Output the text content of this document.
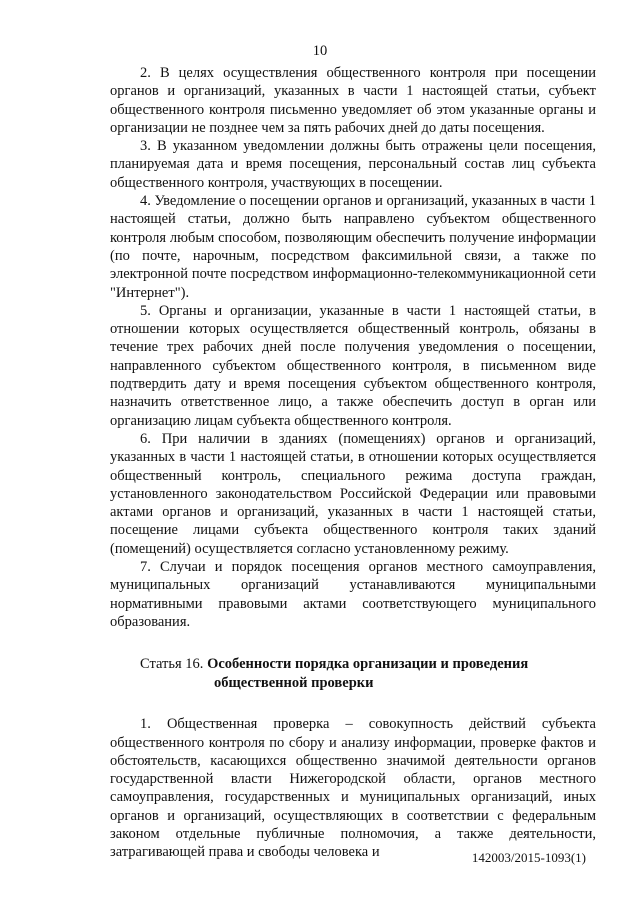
10

2. В целях осуществления общественного контроля при посещении органов и организаций, указанных в части 1 настоящей статьи, субъект общественного контроля письменно уведомляет об этом указанные органы и организации не позднее чем за пять рабочих дней до даты посещения.

3. В указанном уведомлении должны быть отражены цели посещения, планируемая дата и время посещения, персональный состав лиц субъекта общественного контроля, участвующих в посещении.

4. Уведомление о посещении органов и организаций, указанных в части 1 настоящей статьи, должно быть направлено субъектом общественного контроля любым способом, позволяющим обеспечить получение информации (по почте, нарочным, посредством факсимильной связи, а также по электронной почте посредством информационно-телекоммуникационной сети "Интернет").

5. Органы и организации, указанные в части 1 настоящей статьи, в отношении которых осуществляется общественный контроль, обязаны в течение трех рабочих дней после получения уведомления о посещении, направленного субъектом общественного контроля, в письменном виде подтвердить дату и время посещения субъектом общественного контроля, назначить ответственное лицо, а также обеспечить доступ в орган или организацию лицам субъекта общественного контроля.

6. При наличии в зданиях (помещениях) органов и организаций, указанных в части 1 настоящей статьи, в отношении которых осуществляется общественный контроль, специального режима доступа граждан, установленного законодательством Российской Федерации или правовыми актами органов и организаций, указанных в части 1 настоящей статьи, посещение лицами субъекта общественного контроля таких зданий (помещений) осуществляется согласно установленному режиму.

7. Случаи и порядок посещения органов местного самоуправления, муниципальных организаций устанавливаются муниципальными нормативными правовыми актами соответствующего муниципального образования.

Статья 16. Особенности порядка организации и проведения
общественной проверки

1. Общественная проверка – совокупность действий субъекта общественного контроля по сбору и анализу информации, проверке фактов и обстоятельств, касающихся общественно значимой деятельности органов государственной власти Нижегородской области, органов местного самоуправления, государственных и муниципальных организаций, иных органов и организаций, осуществляющих в соответствии с федеральным законом отдельные публичные полномочия, а также деятельности, затрагивающей права и свободы человека и	142003/2015-1093(1)
